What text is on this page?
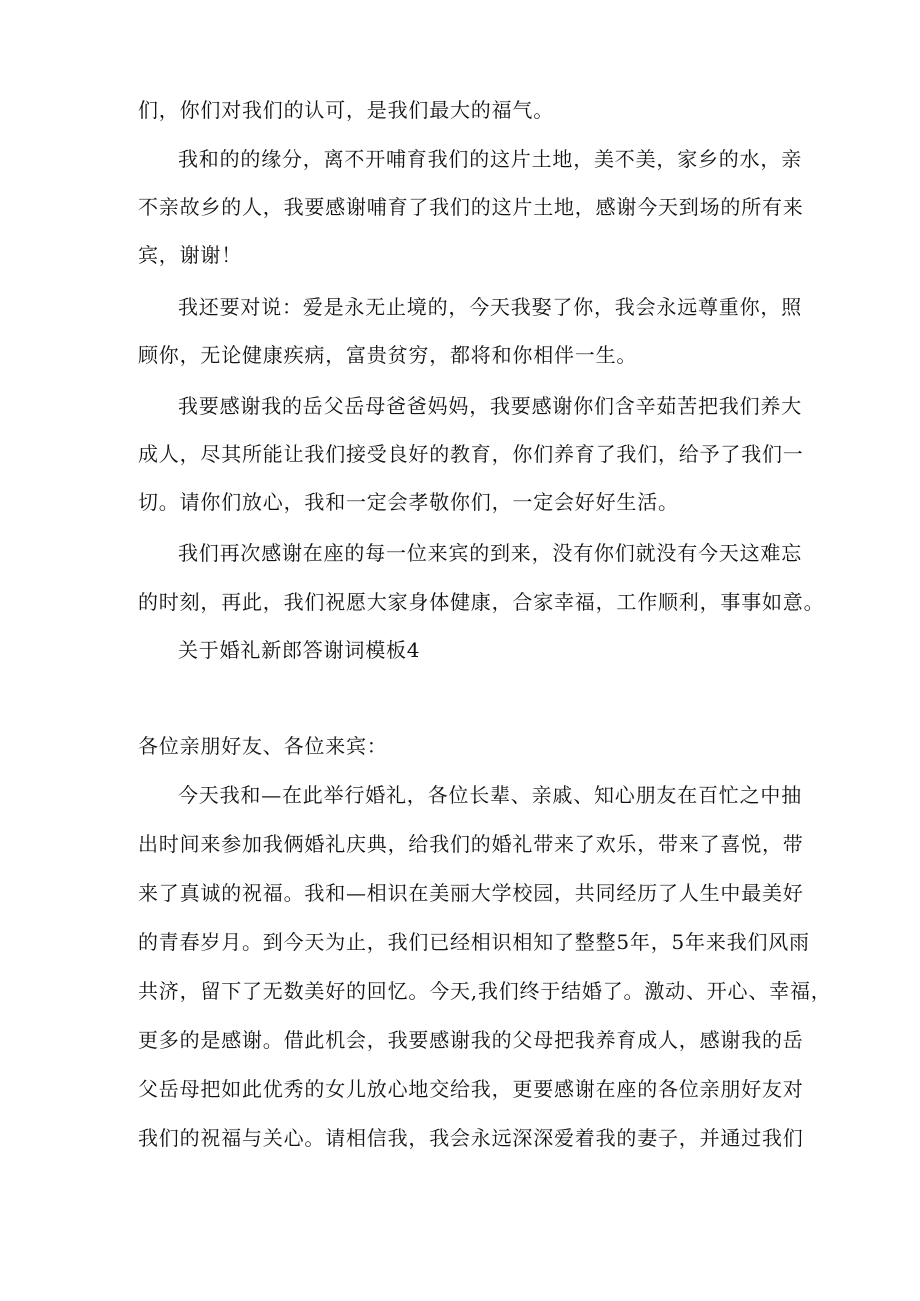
们，你们对我们的认可，是我们最大的福气。
我和的的缘分，离不开哺育我们的这片土地，美不美，家乡的水，亲
不亲故乡的人，我要感谢哺育了我们的这片土地，感谢今天到场的所有来
宾，谢谢！
我还要对说：爱是永无止境的，今天我娶了你，我会永远尊重你，照
顾你，无论健康疾病，富贵贫穷，都将和你相伴一生。
我要感谢我的岳父岳母爸爸妈妈，我要感谢你们含辛茹苦把我们养大
成人，尽其所能让我们接受良好的教育，你们养育了我们，给予了我们一
切。请你们放心，我和一定会孝敬你们，一定会好好生活。
我们再次感谢在座的每一位来宾的到来，没有你们就没有今天这难忘
的时刻，再此，我们祝愿大家身体健康，合家幸福，工作顺利，事事如意。
关于婚礼新郎答谢词模板4
各位亲朋好友、各位来宾：
今天我和—在此举行婚礼，各位长辈、亲戚、知心朋友在百忙之中抽
出时间来参加我俩婚礼庆典，给我们的婚礼带来了欢乐，带来了喜悦，带
来了真诚的祝福。我和—相识在美丽大学校园，共同经历了人生中最美好
的青春岁月。到今天为止，我们已经相识相知了整整5年，5年来我们风雨
共济，留下了无数美好的回忆。今天,我们终于结婚了。激动、开心、幸福，
更多的是感谢。借此机会，我要感谢我的父母把我养育成人，感谢我的岳
父岳母把如此优秀的女儿放心地交给我，更要感谢在座的各位亲朋好友对
我们的祝福与关心。请相信我，我会永远深深爱着我的妻子，并通过我们
